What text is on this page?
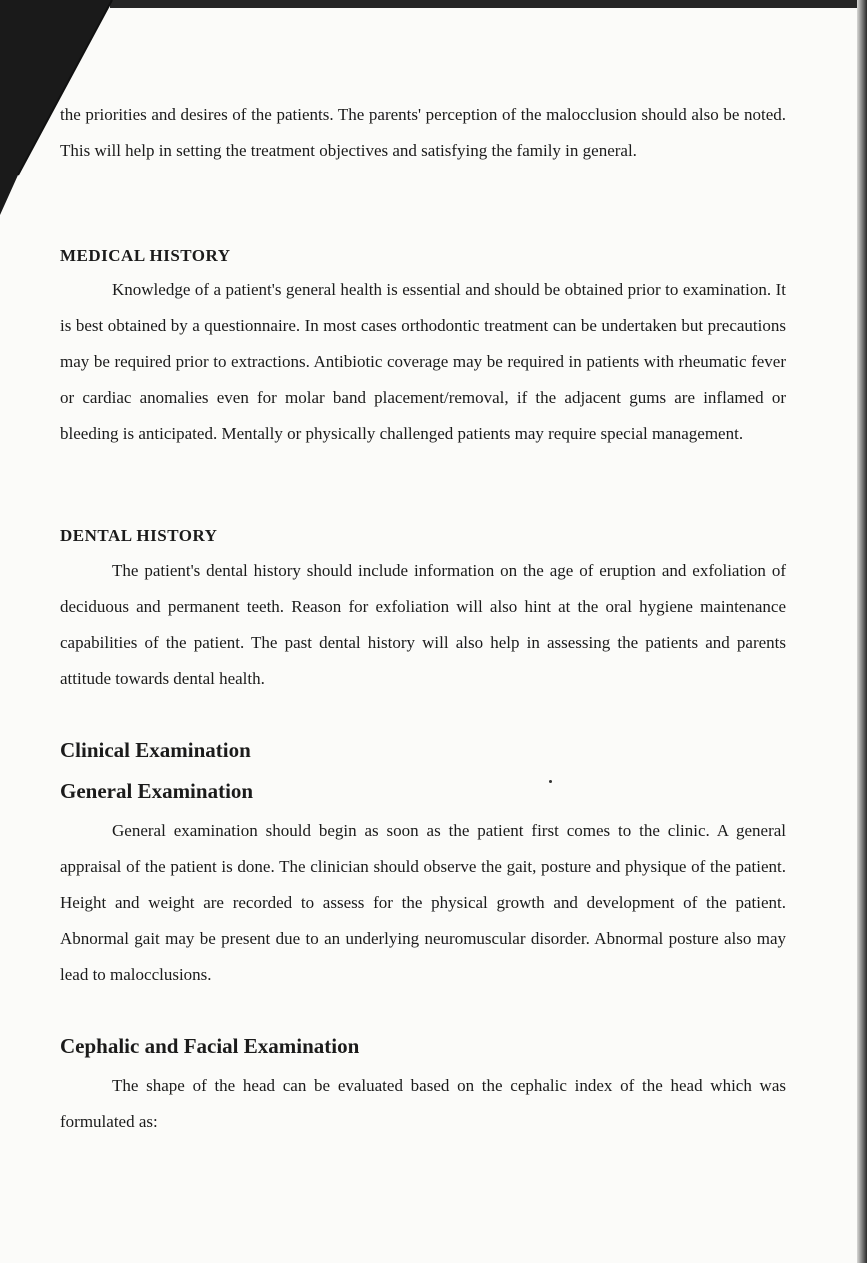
the priorities and desires of the patients. The parents' perception of the malocclusion should also be noted. This will help in setting the treatment objectives and satisfying the family in general.

MEDICAL HISTORY

Knowledge of a patient's general health is essential and should be obtained prior to examination. It is best obtained by a questionnaire. In most cases orthodontic treatment can be undertaken but precautions may be required prior to extractions. Antibiotic coverage may be required in patients with rheumatic fever or cardiac anomalies even for molar band placement/removal, if the adjacent gums are inflamed or bleeding is anticipated. Mentally or physically challenged patients may require special management.

DENTAL HISTORY

The patient's dental history should include information on the age of eruption and exfoliation of deciduous and permanent teeth. Reason for exfoliation will also hint at the oral hygiene maintenance capabilities of the patient. The past dental history will also help in assessing the patients and parents attitude towards dental health.

Clinical Examination
General Examination

General examination should begin as soon as the patient first comes to the clinic. A general appraisal of the patient is done. The clinician should observe the gait, posture and physique of the patient. Height and weight are recorded to assess for the physical growth and development of the patient. Abnormal gait may be present due to an underlying neuromuscular disorder. Abnormal posture also may lead to malocclusions.

Cephalic and Facial Examination

The shape of the head can be evaluated based on the cephalic index of the head which was formulated as:
